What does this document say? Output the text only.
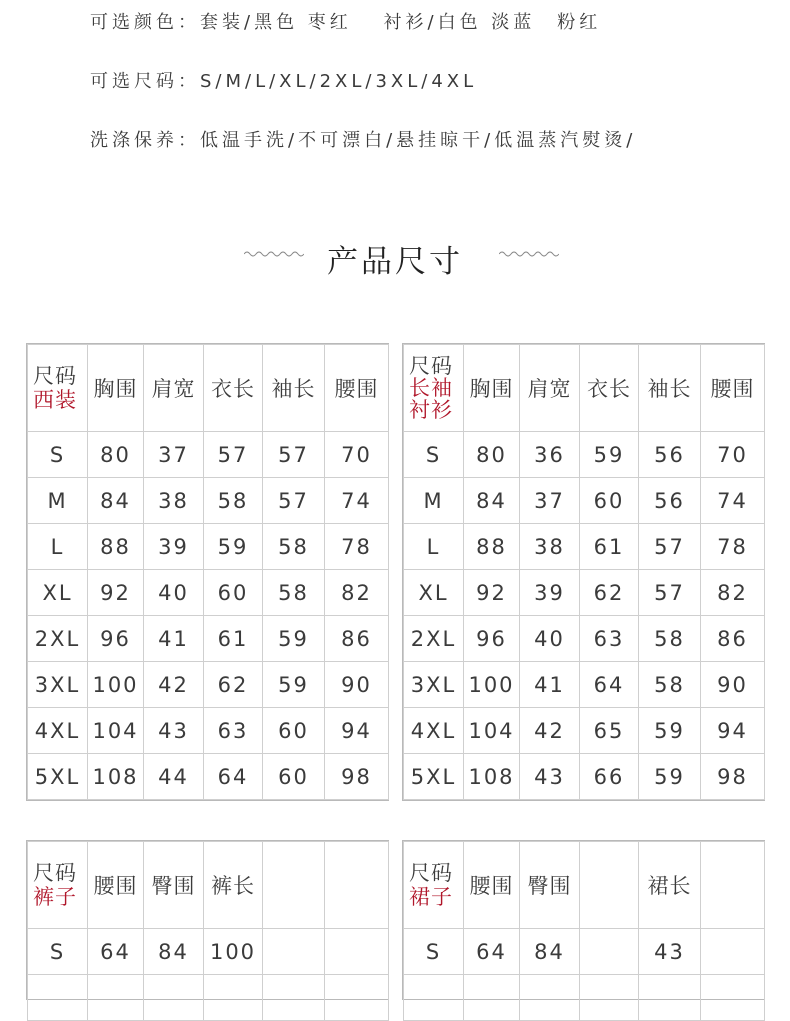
可选颜色：套装/黑色 枣红　 衬衫/白色 淡蓝　粉红
可选尺码：S/M/L/XL/2XL/3XL/4XL
洗涤保养：低温手洗/不可漂白/悬挂晾干/低温蒸汽熨烫/
产品尺寸
尺码
西装	胸围	肩宽	衣长	袖长	腰围
S	80	37	57	57	70
M	84	38	58	57	74
L	88	39	59	58	78
XL	92	40	60	58	82
2XL	96	41	61	59	86
3XL	100	42	62	59	90
4XL	104	43	63	60	94
5XL	108	44	64	60	98
尺码
长袖
衬衫	胸围	肩宽	衣长	袖长	腰围
S	80	36	59	56	70
M	84	37	60	56	74
L	88	38	61	57	78
XL	92	39	62	57	82
2XL	96	40	63	58	86
3XL	100	41	64	58	90
4XL	104	42	65	59	94
5XL	108	43	66	59	98
尺码
裤子	腰围	臀围	裤长		
S	64	84	100		

尺码
裙子	腰围	臀围		裙长	
S	64	84		43	
